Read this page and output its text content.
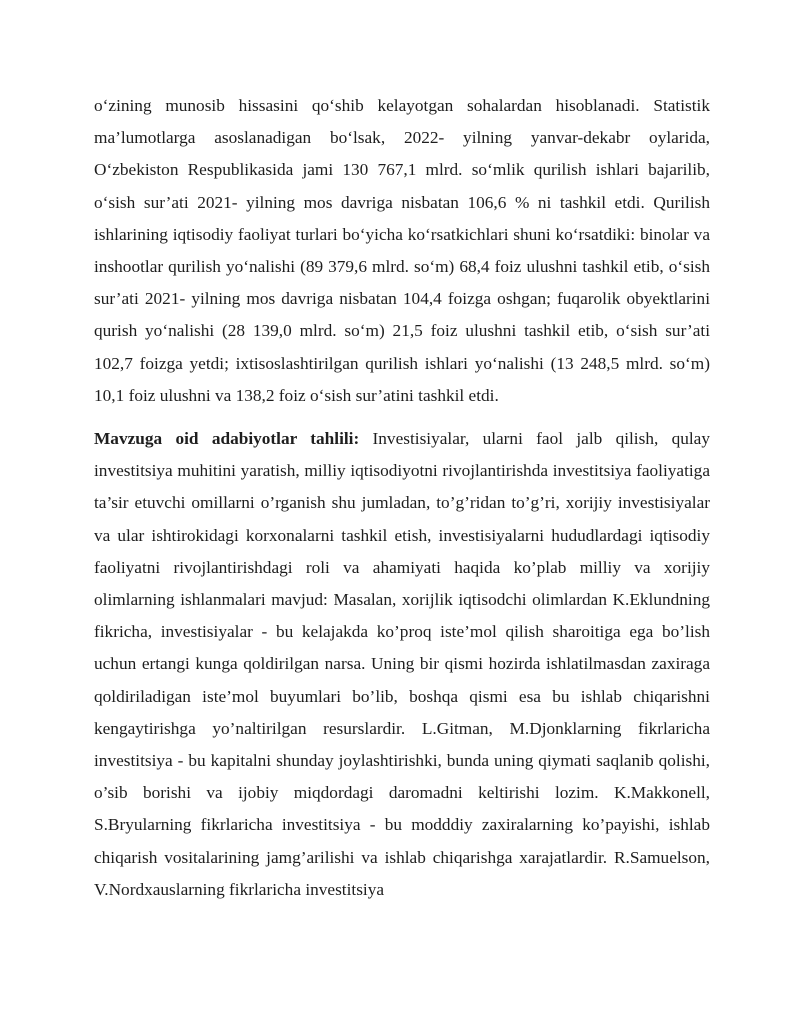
o‘zining munosib hissasini qo‘shib kelayotgan sohalardan hisoblanadi. Statistik ma’lumotlarga asoslanadigan bo‘lsak, 2022- yilning yanvar-dekabr oylarida, O‘zbekiston Respublikasida jami 130 767,1 mlrd. so‘mlik qurilish ishlari bajarilib, o‘sish sur’ati 2021- yilning mos davriga nisbatan 106,6 % ni tashkil etdi. Qurilish ishlarining iqtisodiy faoliyat turlari bo‘yicha ko‘rsatkichlari shuni ko‘rsatdiki: binolar va inshootlar qurilish yo‘nalishi (89 379,6 mlrd. so‘m) 68,4 foiz ulushni tashkil etib, o‘sish sur’ati 2021- yilning mos davriga nisbatan 104,4 foizga oshgan; fuqarolik obyektlarini qurish yo‘nalishi (28 139,0 mlrd. so‘m) 21,5 foiz ulushni tashkil etib, o‘sish sur’ati 102,7 foizga yetdi; ixtisoslashtirilgan qurilish ishlari yo‘nalishi (13 248,5 mlrd. so‘m) 10,1 foiz ulushni va 138,2 foiz o‘sish sur’atini tashkil etdi.

Mavzuga oid adabiyotlar tahlili: Investisiyalar, ularni faol jalb qilish, qulay investitsiya muhitini yaratish, milliy iqtisodiyotni rivojlantirishda investitsiya faoliyatiga ta’sir etuvchi omillarni o’rganish shu jumladan, to’g’ridan to’g’ri, xorijiy investisiyalar va ular ishtirokidagi korxonalarni tashkil etish, investisiyalarni hududlardagi iqtisodiy faoliyatni rivojlantirishdagi roli va ahamiyati haqida ko’plab milliy va xorijiy olimlarning ishlanmalari mavjud: Masalan, xorijlik iqtisodchi olimlardan K.Eklundning fikricha, investisiyalar - bu kelajakda ko’proq iste’mol qilish sharoitiga ega bo’lish uchun ertangi kunga qoldirilgan narsa. Uning bir qismi hozirda ishlatilmasdan zaxiraga qoldiriladigan iste’mol buyumlari bo’lib, boshqa qismi esa bu ishlab chiqarishni kengaytirishga yo’naltirilgan resurslardir. L.Gitman, M.Djonklarning fikrlaricha investitsiya - bu kapitalni shunday joylashtirishki, bunda uning qiymati saqlanib qolishi, o’sib borishi va ijobiy miqdordagi daromadni keltirishi lozim. K.Makkonell, S.Bryularning fikrlaricha investitsiya - bu modddiy zaxiralarning ko’payishi, ishlab chiqarish vositalarining jamg’arilishi va ishlab chiqarishga xarajatlardir. R.Samuelson, V.Nordxauslarning fikrlaricha investitsiya
